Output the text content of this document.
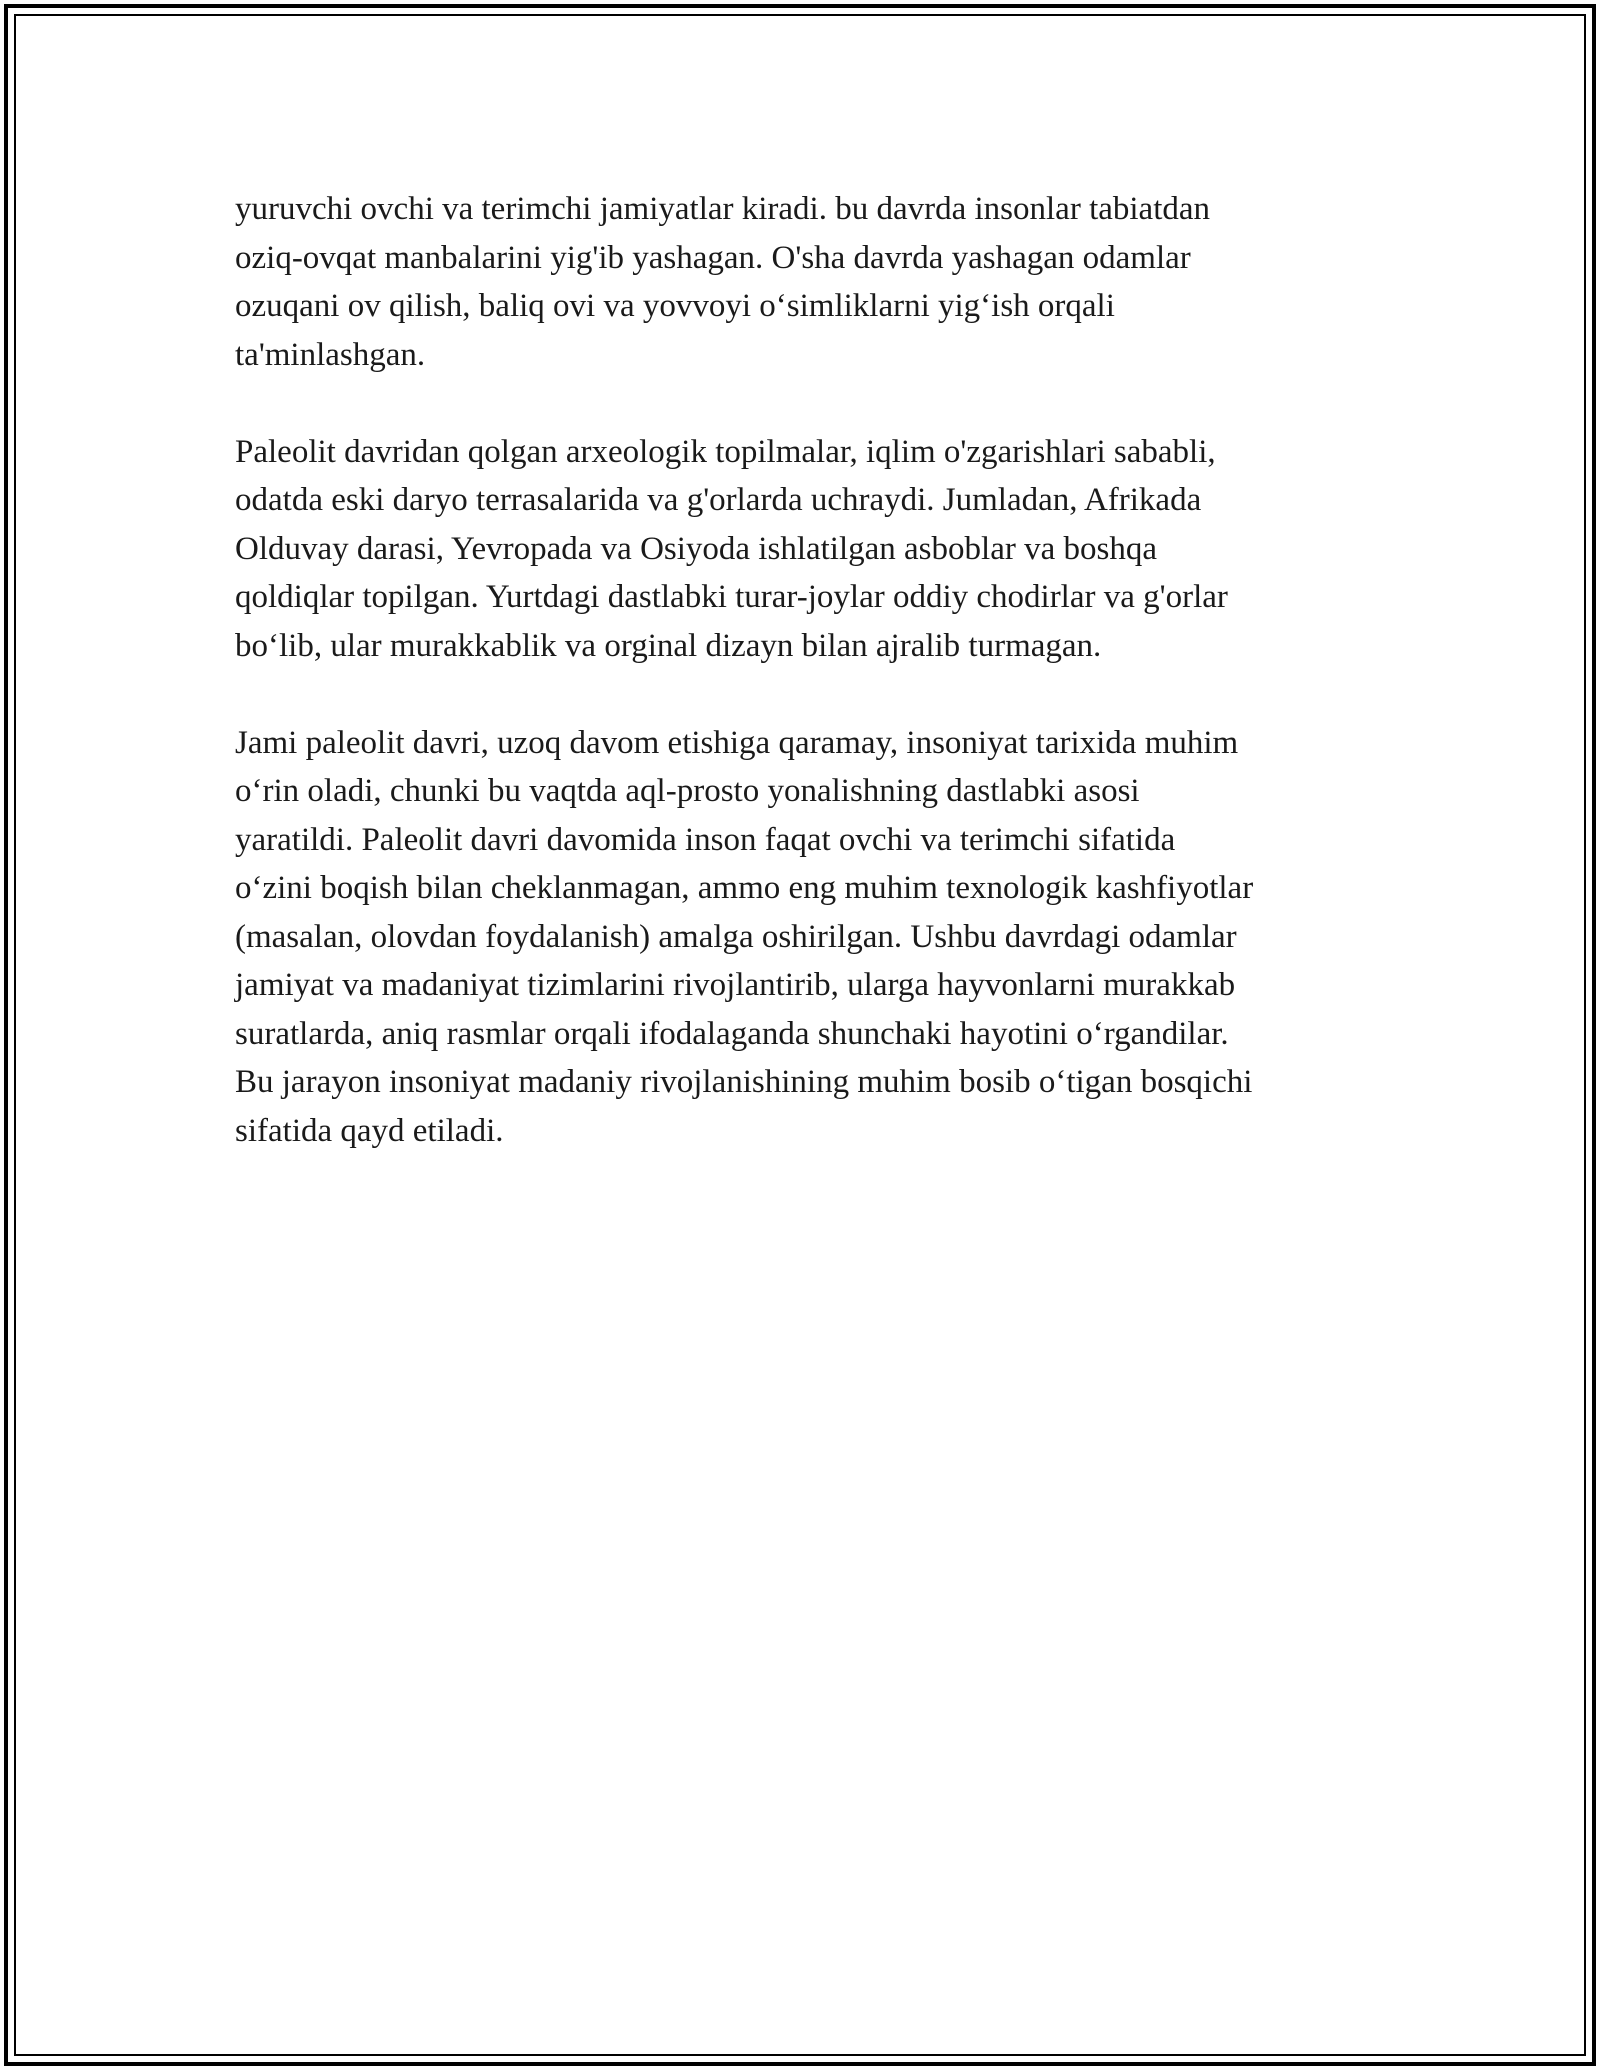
yuruvchi ovchi va terimchi jamiyatlar kiradi. bu davrda insonlar tabiatdan
oziq-ovqat manbalarini yig'ib yashagan. O'sha davrda yashagan odamlar
ozuqani ov qilish, baliq ovi va yovvoyi o‘simliklarni yig‘ish orqali
ta'minlashgan.

Paleolit davridan qolgan arxeologik topilmalar, iqlim o'zgarishlari sababli,
odatda eski daryo terrasalarida va g'orlarda uchraydi. Jumladan, Afrikada
Olduvay darasi, Yevropada va Osiyoda ishlatilgan asboblar va boshqa
qoldiqlar topilgan. Yurtdagi dastlabki turar-joylar oddiy chodirlar va g'orlar
bo‘lib, ular murakkablik va orginal dizayn bilan ajralib turmagan.

Jami paleolit davri, uzoq davom etishiga qaramay, insoniyat tarixida muhim
o‘rin oladi, chunki bu vaqtda aql-prosto yonalishning dastlabki asosi
yaratildi. Paleolit davri davomida inson faqat ovchi va terimchi sifatida
o‘zini boqish bilan cheklanmagan, ammo eng muhim texnologik kashfiyotlar
(masalan, olovdan foydalanish) amalga oshirilgan. Ushbu davrdagi odamlar
jamiyat va madaniyat tizimlarini rivojlantirib, ularga hayvonlarni murakkab
suratlarda, aniq rasmlar orqali ifodalaganda shunchaki hayotini o‘rgandilar.
Bu jarayon insoniyat madaniy rivojlanishining muhim bosib o‘tigan bosqichi
sifatida qayd etiladi.
